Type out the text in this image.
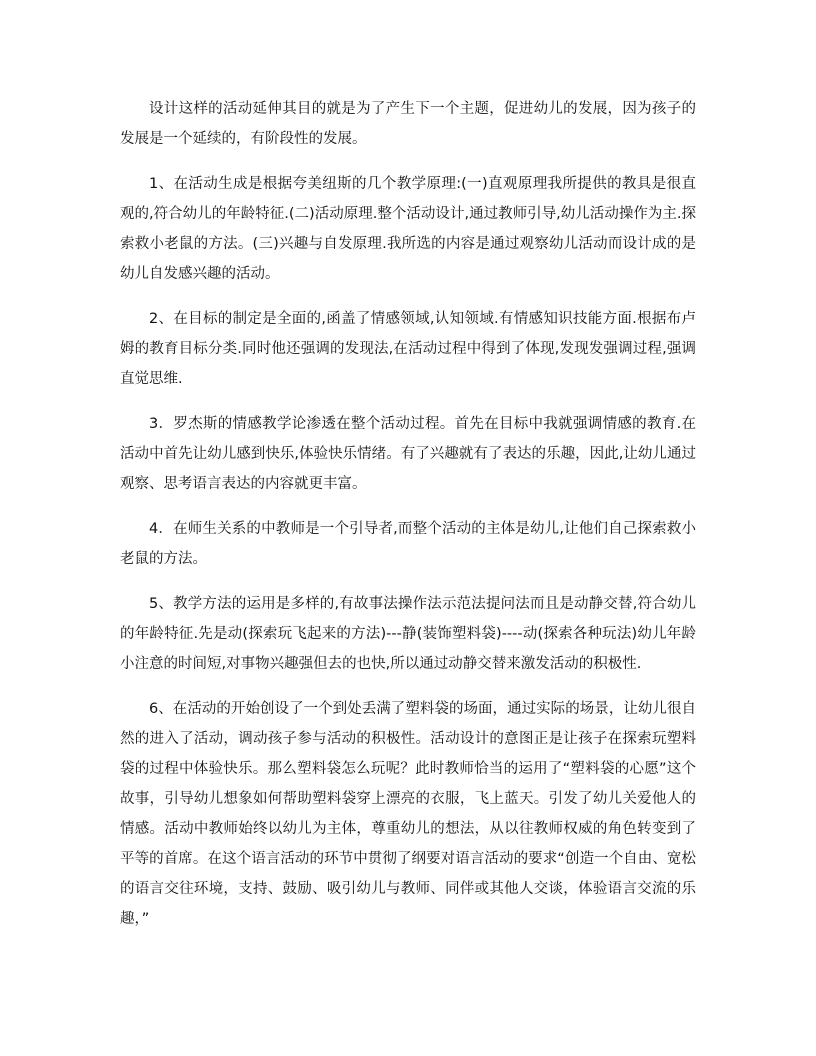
设计这样的活动延伸其目的就是为了产生下一个主题，促进幼儿的发展，因为孩子的发展是一个延续的，有阶段性的发展。

1、在活动生成是根据夸美纽斯的几个教学原理:(一)直观原理我所提供的教具是很直观的,符合幼儿的年龄特征.(二)活动原理.整个活动设计,通过教师引导,幼儿活动操作为主.探索救小老鼠的方法。(三)兴趣与自发原理.我所选的内容是通过观察幼儿活动而设计成的是幼儿自发感兴趣的活动。

2、在目标的制定是全面的,函盖了情感领域,认知领域.有情感知识技能方面.根据布卢姆的教育目标分类.同时他还强调的发现法,在活动过程中得到了体现,发现发强调过程,强调直觉思维.

3．罗杰斯的情感教学论渗透在整个活动过程。首先在目标中我就强调情感的教育.在活动中首先让幼儿感到快乐,体验快乐情绪。有了兴趣就有了表达的乐趣，因此,让幼儿通过观察、思考语言表达的内容就更丰富。

4．在师生关系的中教师是一个引导者,而整个活动的主体是幼儿,让他们自己探索救小老鼠的方法。

5、教学方法的运用是多样的,有故事法操作法示范法提问法而且是动静交替,符合幼儿的年龄特征.先是动(探索玩飞起来的方法)---静(装饰塑料袋)----动(探索各种玩法)幼儿年龄小注意的时间短,对事物兴趣强但去的也快,所以通过动静交替来激发活动的积极性.

6、在活动的开始创设了一个到处丢满了塑料袋的场面，通过实际的场景，让幼儿很自然的进入了活动，调动孩子参与活动的积极性。活动设计的意图正是让孩子在探索玩塑料袋的过程中体验快乐。那么塑料袋怎么玩呢？此时教师恰当的运用了“塑料袋的心愿”这个故事，引导幼儿想象如何帮助塑料袋穿上漂亮的衣服，飞上蓝天。引发了幼儿关爱他人的情感。活动中教师始终以幼儿为主体，尊重幼儿的想法，从以往教师权威的角色转变到了平等的首席。在这个语言活动的环节中贯彻了纲要对语言活动的要求“创造一个自由、宽松的语言交往环境，支持、鼓励、吸引幼儿与教师、同伴或其他人交谈，体验语言交流的乐趣，”
